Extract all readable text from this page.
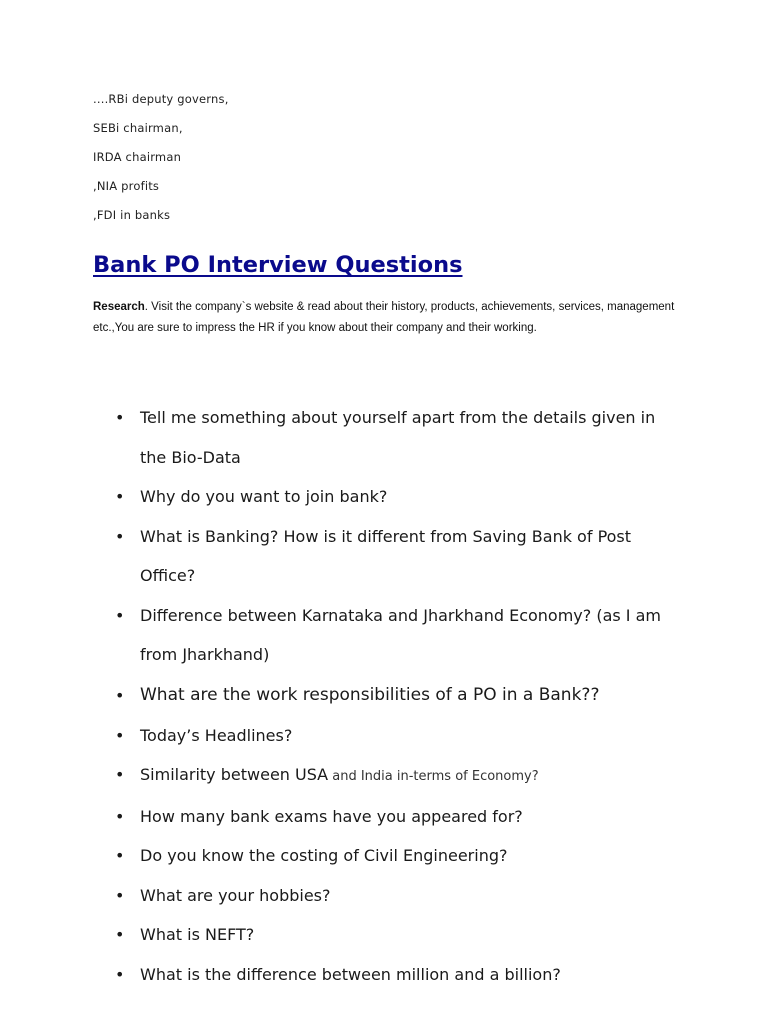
....RBi deputy governs,
SEBi chairman,
IRDA chairman
,NIA profits
,FDI in banks
Bank PO Interview Questions
Research. Visit the company`s website & read about their history, products, achievements, services, management etc.,You are sure to impress the HR if you know about their company and their working.
• Tell me something about yourself apart from the details given in the Bio-Data
• Why do you want to join bank?
• What is Banking? How is it different from Saving Bank of Post Office?
• Difference between Karnataka and Jharkhand Economy? (as I am from Jharkhand)
• What are the work responsibilities of a PO in a Bank??
• Today’s Headlines?
• Similarity between USA and India in-terms of Economy?
• How many bank exams have you appeared for?
• Do you know the costing of Civil Engineering?
• What are your hobbies?
• What is NEFT?
• What is the difference between million and a billion?
